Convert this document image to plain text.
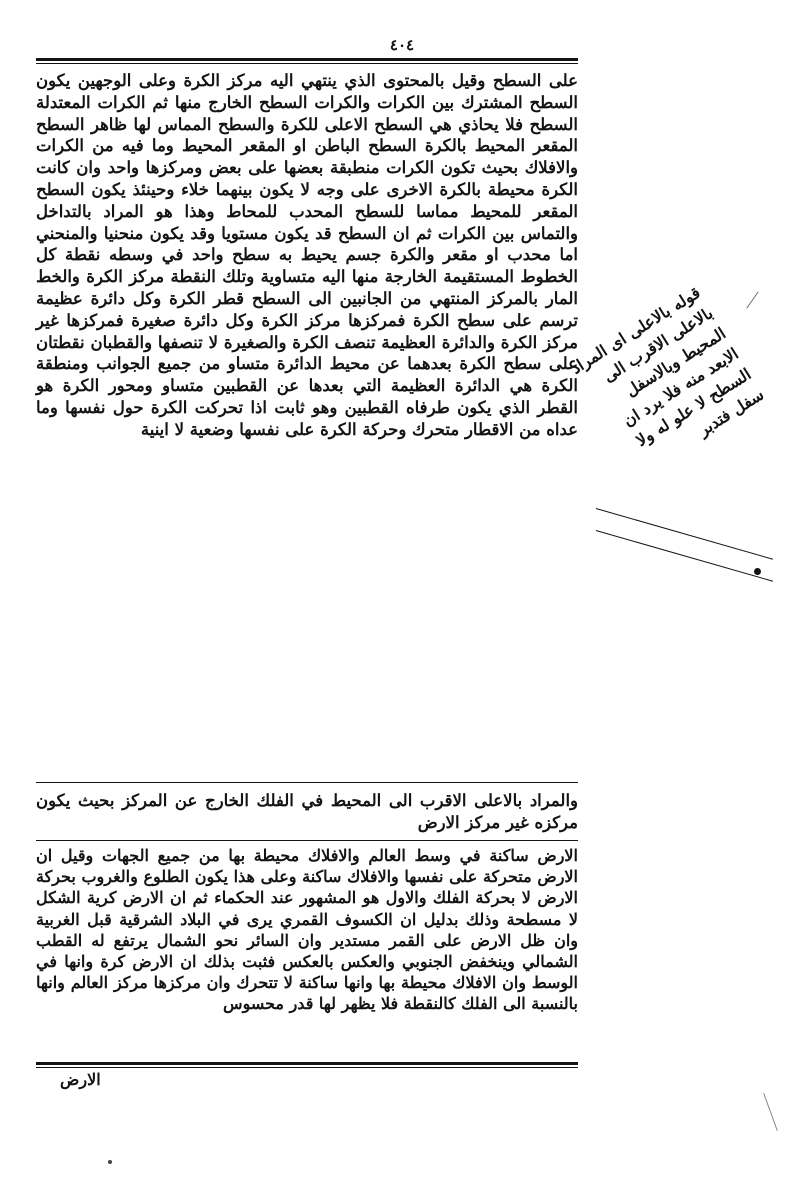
٤٠٤

على السطح وقيل بالمحتوى الذي ينتهي اليه مركز الكرة وعلى الوجهين يكون السطح المشترك بين الكرات والكرات السطح الخارج منها ثم الكرات المعتدلة السطح فلا يحاذي هي السطح الاعلى للكرة والسطح المماس لها ظاهر السطح المقعر المحيط بالكرة السطح الباطن او المقعر المحيط وما فيه من الكرات والافلاك بحيث تكون الكرات منطبقة بعضها على بعض ومركزها واحد وان كانت الكرة محيطة بالكرة الاخرى على وجه لا يكون بينهما خلاء وحينئذ يكون السطح المقعر للمحيط مماسا للسطح المحدب للمحاط وهذا هو المراد بالتداخل والتماس بين الكرات ثم ان السطح قد يكون مستويا وقد يكون منحنيا والمنحني اما محدب او مقعر والكرة جسم يحيط به سطح واحد في وسطه نقطة كل الخطوط المستقيمة الخارجة منها اليه متساوية وتلك النقطة مركز الكرة والخط المار بالمركز المنتهي من الجانبين الى السطح قطر الكرة وكل دائرة عظيمة ترسم على سطح الكرة فمركزها مركز الكرة وكل دائرة صغيرة فمركزها غير مركز الكرة والدائرة العظيمة تنصف الكرة والصغيرة لا تنصفها والقطبان نقطتان على سطح الكرة بعدهما عن محيط الدائرة متساو من جميع الجوانب ومنطقة الكرة هي الدائرة العظيمة التي بعدها عن القطبين متساو ومحور الكرة هو القطر الذي يكون طرفاه القطبين وهو ثابت اذا تحركت الكرة حول نفسها وما عداه من الاقطار متحرك وحركة الكرة على نفسها وضعية لا اينية

والمراد بالاعلى الاقرب الى المحيط في الفلك الخارج عن المركز بحيث يكون مركزه غير مركز الارض

الارض ساكنة في وسط العالم والافلاك محيطة بها من جميع الجهات وقيل ان الارض متحركة على نفسها والافلاك ساكنة وعلى هذا يكون الطلوع والغروب بحركة الارض لا بحركة الفلك والاول هو المشهور عند الحكماء ثم ان الارض كرية الشكل لا مسطحة وذلك بدليل ان الكسوف القمري يرى في البلاد الشرقية قبل الغربية وان ظل الارض على القمر مستدير وان السائر نحو الشمال يرتفع له القطب الشمالي وينخفض الجنوبي والعكس بالعكس فثبت بذلك ان الارض كرة وانها في الوسط وان الافلاك محيطة بها وانها ساكنة لا تتحرك وان مركزها مركز العالم وانها بالنسبة الى الفلك كالنقطة فلا يظهر لها قدر محسوس

الارض

قوله بالاعلى ای المراد بالاعلى الاقرب الى المحيط وبالاسفل الابعد منه فلا يرد ان السطح لا علو له ولا سفل فتدبر
